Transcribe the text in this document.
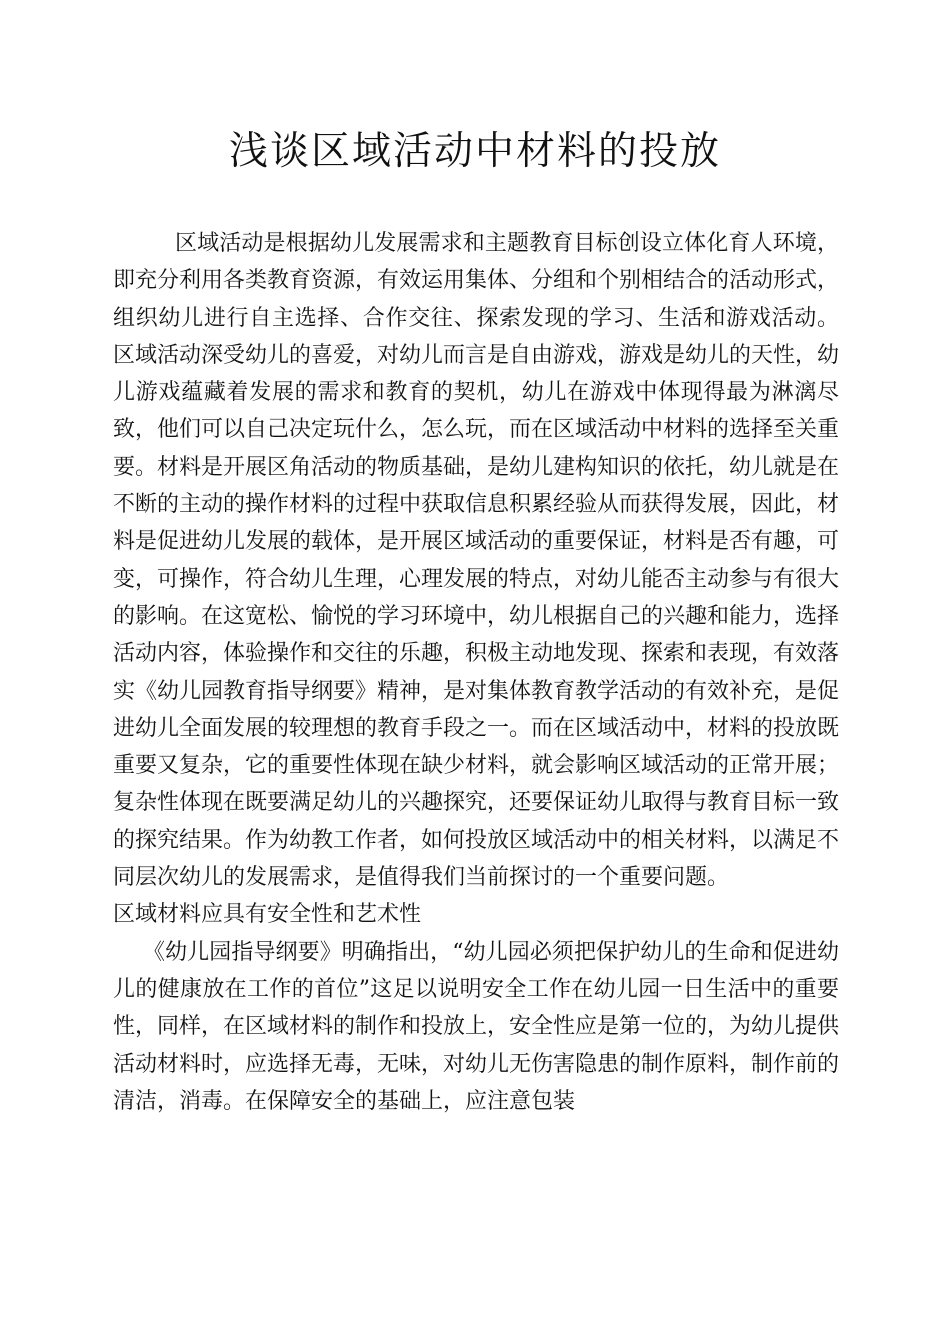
浅谈区域活动中材料的投放

区域活动是根据幼儿发展需求和主题教育目标创设立体化育人环境，即充分利用各类教育资源，有效运用集体、分组和个别相结合的活动形式，组织幼儿进行自主选择、合作交往、探索发现的学习、生活和游戏活动。 区域活动深受幼儿的喜爱，对幼儿而言是自由游戏，游戏是幼儿的天性，幼儿游戏蕴藏着发展的需求和教育的契机，幼儿在游戏中体现得最为淋漓尽致，他们可以自己决定玩什么，怎么玩，而在区域活动中材料的选择至关重要。材料是开展区角活动的物质基础，是幼儿建构知识的依托，幼儿就是在不断的主动的操作材料的过程中获取信息积累经验从而获得发展，因此，材料是促进幼儿发展的载体，是开展区域活动的重要保证，材料是否有趣，可变，可操作，符合幼儿生理，心理发展的特点，对幼儿能否主动参与有很大的影响。在这宽松、愉悦的学习环境中，幼儿根据自己的兴趣和能力，选择活动内容，体验操作和交往的乐趣，积极主动地发现、探索和表现，有效落实《幼儿园教育指导纲要》精神，是对集体教育教学活动的有效补充，是促进幼儿全面发展的较理想的教育手段之一。而在区域活动中，材料的投放既重要又复杂，它的重要性体现在缺少材料，就会影响区域活动的正常开展；复杂性体现在既要满足幼儿的兴趣探究，还要保证幼儿取得与教育目标一致的探究结果。作为幼教工作者，如何投放区域活动中的相关材料，以满足不同层次幼儿的发展需求，是值得我们当前探讨的一个重要问题。

区域材料应具有安全性和艺术性

《幼儿园指导纲要》明确指出，“幼儿园必须把保护幼儿的生命和促进幼儿的健康放在工作的首位”这足以说明安全工作在幼儿园一日生活中的重要性，同样，在区域材料的制作和投放上，安全性应是第一位的，为幼儿提供活动材料时，应选择无毒，无味，对幼儿无伤害隐患的制作原料，制作前的清洁，消毒。在保障安全的基础上，应注意包装
